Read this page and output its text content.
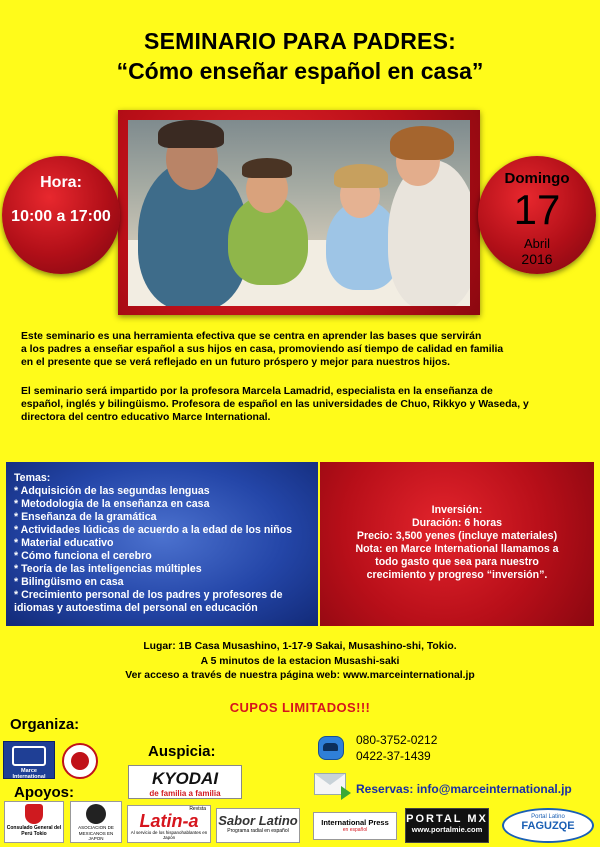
SEMINARIO PARA PADRES:
“Cómo enseñar español en casa”
Hora:
10:00 a 17:00
Domingo
17
Abril
2016
Este seminario es una herramienta efectiva que se centra en aprender las bases que servirán
a los padres a enseñar español a sus hijos en casa, promoviendo así tiempo de calidad en familia
en el presente que se verá reflejado en un futuro próspero y mejor para nuestros hijos.
El seminario será impartido por la profesora Marcela Lamadrid, especialista en la enseñanza de
español, inglés y bilingüismo. Profesora de español en las universidades de Chuo, Rikkyo y Waseda, y
directora del centro educativo Marce International.
Temas:
* Adquisición de las segundas lenguas
* Metodología de la enseñanza en casa
* Enseñanza de la gramática
* Actividades lúdicas de acuerdo a la edad de los niños
* Material educativo
* Cómo funciona el cerebro
* Teoría de las inteligencias múltiples
* Bilingüismo en casa
* Crecimiento personal de los padres y profesores de
idiomas y autoestima del personal en educación
Inversión:
Duración: 6 horas
Precio: 3,500 yenes (incluye materiales)
Nota: en Marce International llamamos a
todo gasto que sea para nuestro
crecimiento y progreso “inversión”.
Lugar: 1B Casa Musashino, 1-17-9 Sakai, Musashino-shi, Tokio.
A 5 minutos de la estacion Musashi-saki
Ver acceso a través de nuestra página web: www.marceinternational.jp
CUPOS LIMITADOS!!!
Organiza:
Marce International
Auspicia:
KYODAI
de familia a familia
080-3752-0212
0422-37-1439
Reservas: info@marceinternational.jp
Apoyos:
Consulado General del Perú Tokio
ASOCIACION DE MEXICANOS EN JAPON
Revista
Latin-a
Al servicio de los hispanohablantes en Japón
Sabor Latino
Programa radial en español
International Press
en español
PORTAL MX
www.portalmie.com
Portal Latino
FAGUZQE
